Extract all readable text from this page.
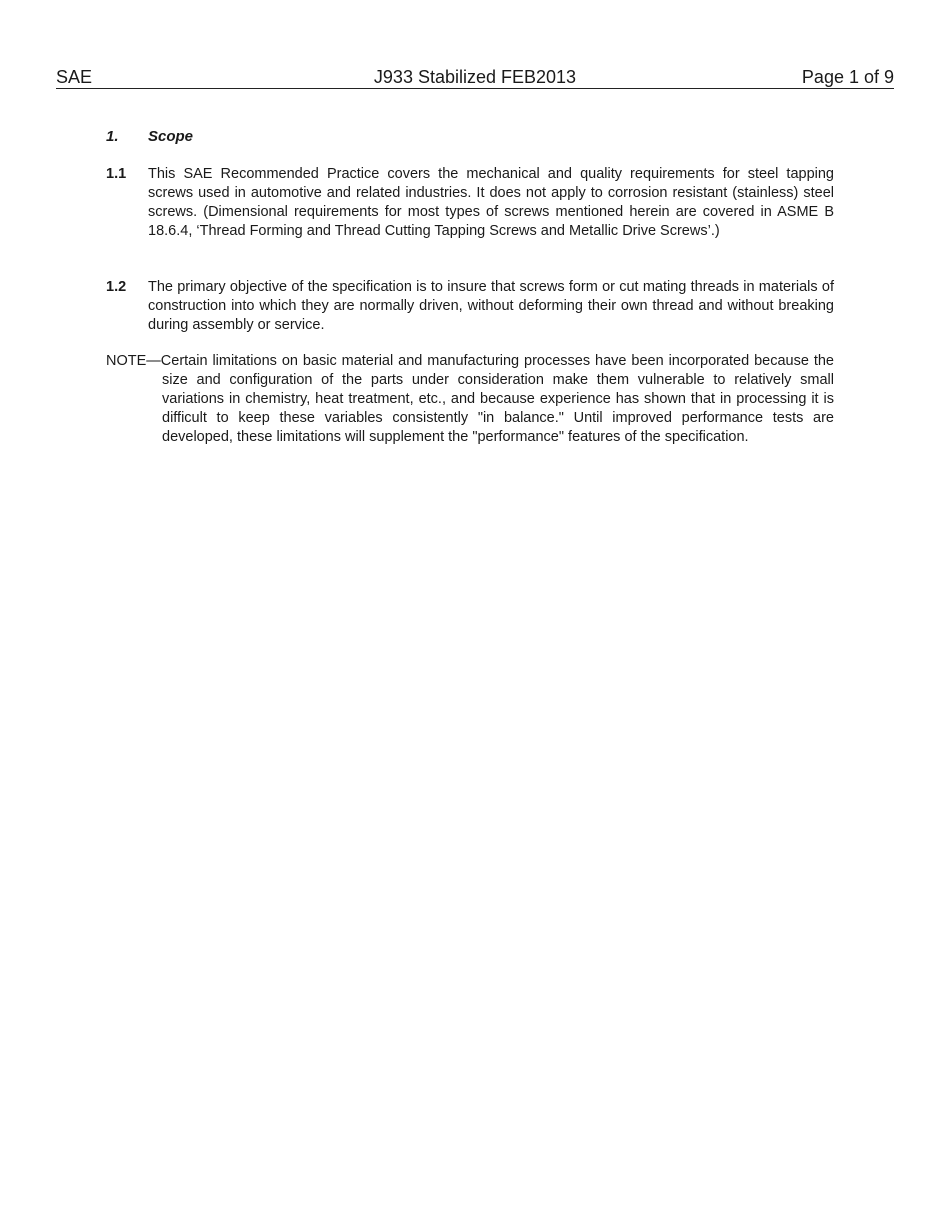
J933 Stabilized FEB2013
SAE	Page 1 of 9
1. Scope
1.1 This SAE Recommended Practice covers the mechanical and quality requirements for steel tapping screws used in automotive and related industries. It does not apply to corrosion resistant (stainless) steel screws. (Dimensional requirements for most types of screws mentioned herein are covered in ASME B 18.6.4, ‘Thread Forming and Thread Cutting Tapping Screws and Metallic Drive Screws’.)
1.2 The primary objective of the specification is to insure that screws form or cut mating threads in materials of construction into which they are normally driven, without deforming their own thread and without breaking during assembly or service.
NOTE—Certain limitations on basic material and manufacturing processes have been incorporated because the size and configuration of the parts under consideration make them vulnerable to relatively small variations in chemistry, heat treatment, etc., and because experience has shown that in processing it is difficult to keep these variables consistently "in balance." Until improved performance tests are developed, these limitations will supplement the "performance" features of the specification.
